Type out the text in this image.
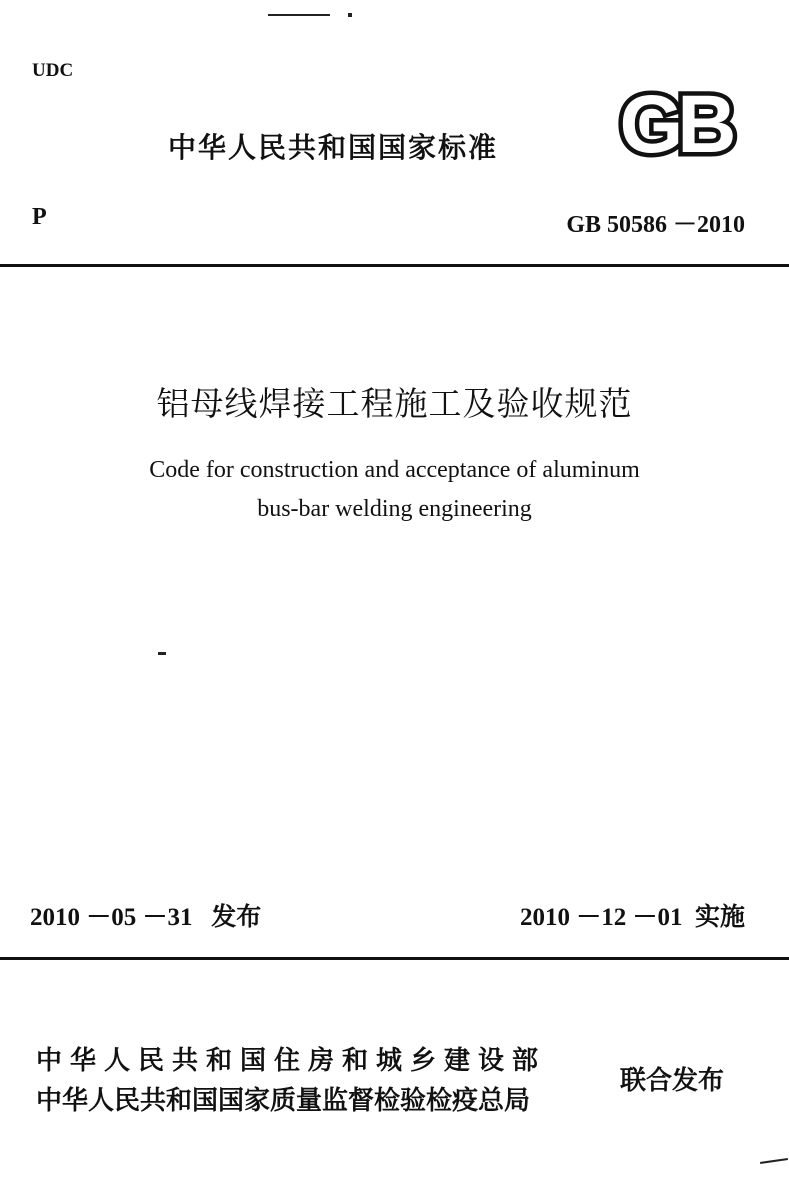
UDC
中华人民共和国国家标准 GB
P	GB 50586 －2010
铝母线焊接工程施工及验收规范
Code for construction and acceptance of aluminum
bus-bar welding engineering
2010 －05 －31   发布	2010 －12 －01  实施
中华人民共和国住房和城乡建设部
中华人民共和国国家质量监督检验检疫总局
联合发布
